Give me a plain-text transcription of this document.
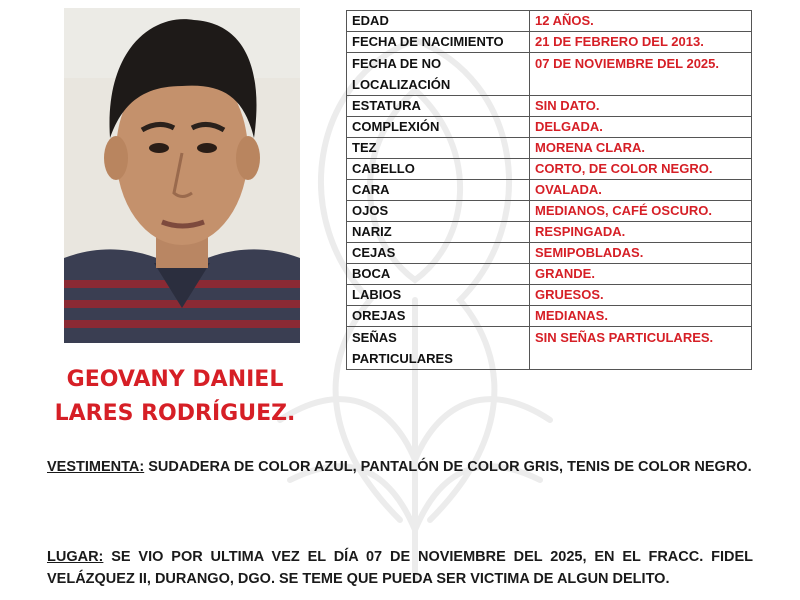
GEOVANY DANIEL
LARES RODRÍGUEZ.
EDAD	12 AÑOS.
FECHA DE NACIMIENTO	21 DE FEBRERO DEL 2013.
FECHA DE NO
LOCALIZACIÓN	07 DE NOVIEMBRE DEL 2025.
ESTATURA	SIN DATO.
COMPLEXIÓN	DELGADA.
TEZ	MORENA CLARA.
CABELLO	CORTO, DE COLOR NEGRO.
CARA	OVALADA.
OJOS	MEDIANOS, CAFÉ OSCURO.
NARIZ	RESPINGADA.
CEJAS	SEMIPOBLADAS.
BOCA	GRANDE.
LABIOS	GRUESOS.
OREJAS	MEDIANAS.
SEÑAS
PARTICULARES	SIN SEÑAS PARTICULARES.
VESTIMENTA: SUDADERA DE COLOR AZUL, PANTALÓN DE COLOR GRIS, TENIS DE COLOR NEGRO.
LUGAR: SE VIO POR ULTIMA VEZ EL DÍA 07 DE NOVIEMBRE DEL 2025, EN EL FRACC. FIDEL VELÁZQUEZ II, DURANGO, DGO. SE TEME QUE PUEDA SER VICTIMA DE ALGUN DELITO.
